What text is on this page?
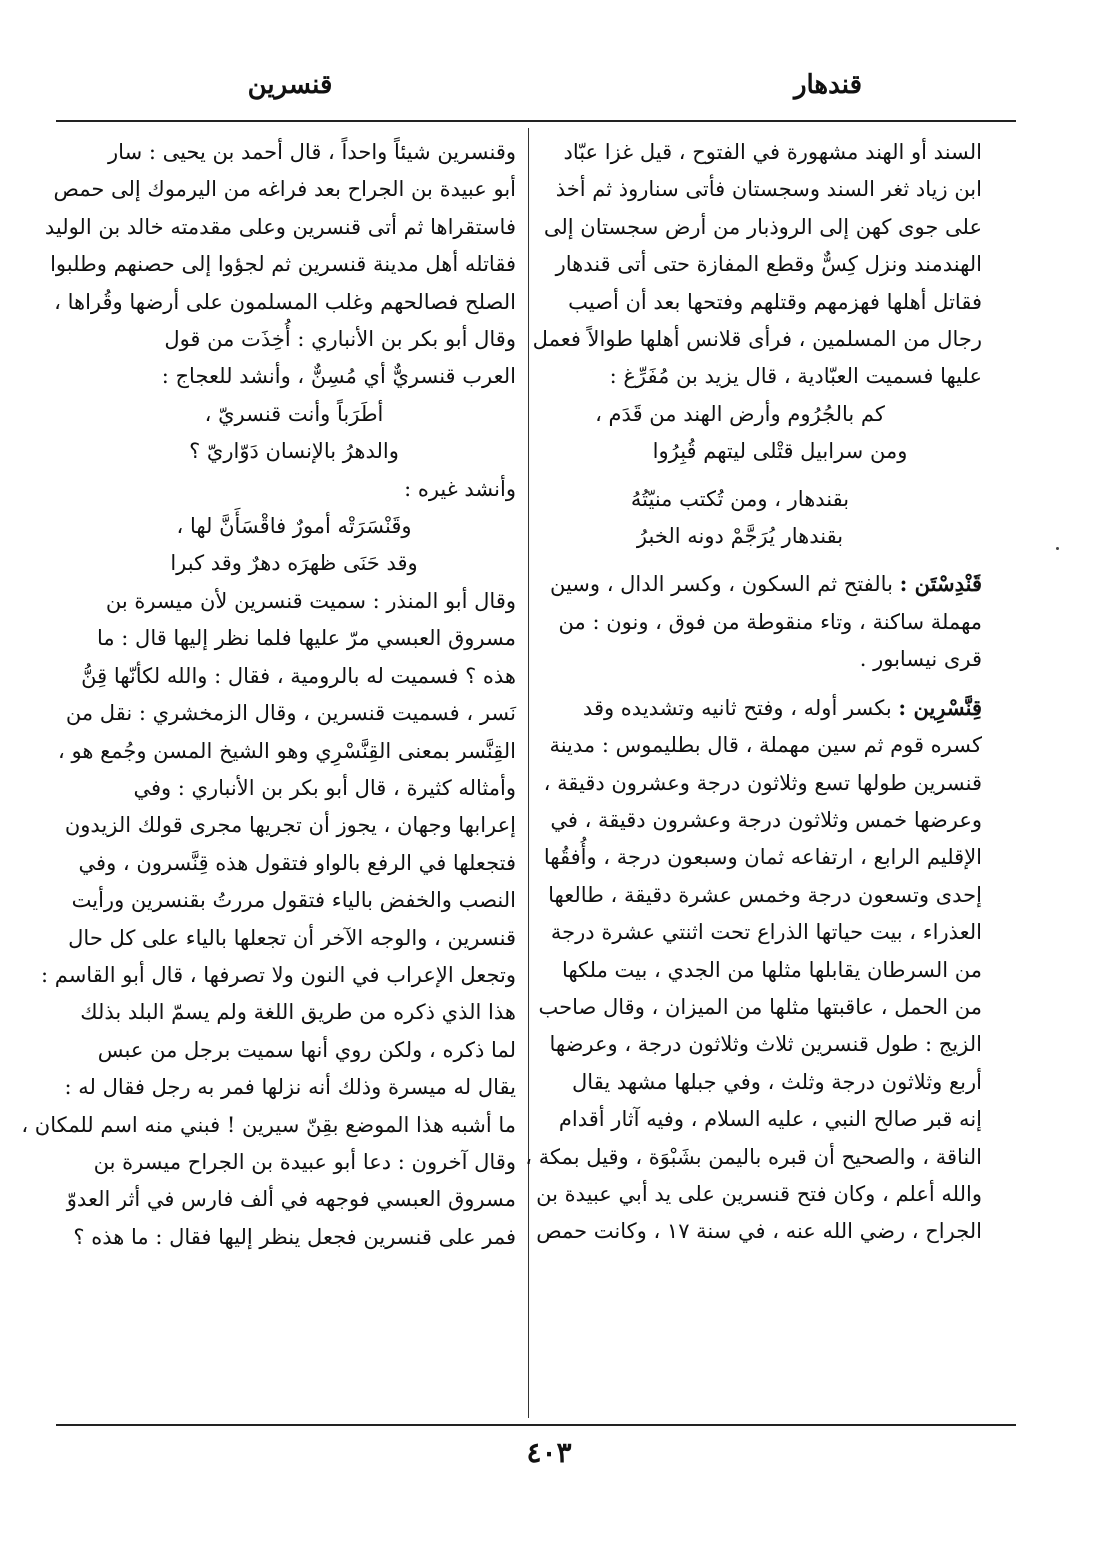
قندهار
قنسرين
السند أو الهند مشهورة في الفتوح ، قيل غزا عبّاد
ابن زياد ثغر السند وسجستان فأتى سناروذ ثم أخذ
على جوى كهن إلى الروذبار من أرض سجستان إلى
الهندمند ونزل كِسٌّ وقطع المفازة حتى أتى قندهار
فقاتل أهلها فهزمهم وقتلهم وفتحها بعد أن أصيب
رجال من المسلمين ، فرأى قلانس أهلها طوالاً فعمل
عليها فسميت العبّادية ، قال يزيد بن مُفَرِّغ :
كم بالجُرُوم وأرض الهند من قَدَم ،
ومن سرابيل قتْلى ليتهم قُبِرُوا
بقندهار ، ومن تُكتب منيّتُهُ
بقندهار يُرَجَّمْ دونه الخبرُ
قَنْدِسْتَن : بالفتح ثم السكون ، وكسر الدال ، وسين
مهملة ساكنة ، وتاء منقوطة من فوق ، ونون : من
قرى نيسابور .
قِنَّسْرِين : بكسر أوله ، وفتح ثانيه وتشديده وقد
كسره قوم ثم سين مهملة ، قال بطليموس : مدينة
قنسرين طولها تسع وثلاثون درجة وعشرون دقيقة ،
وعرضها خمس وثلاثون درجة وعشرون دقيقة ، في
الإقليم الرابع ، ارتفاعه ثمان وسبعون درجة ، وأُفقُها
إحدى وتسعون درجة وخمس عشرة دقيقة ، طالعها
العذراء ، بيت حياتها الذراع تحت اثنتي عشرة درجة
من السرطان يقابلها مثلها من الجدي ، بيت ملكها
من الحمل ، عاقبتها مثلها من الميزان ، وقال صاحب
الزيج : طول قنسرين ثلاث وثلاثون درجة ، وعرضها
أربع وثلاثون درجة وثلث ، وفي جبلها مشهد يقال
إنه قبر صالح النبي ، عليه السلام ، وفيه آثار أقدام
الناقة ، والصحيح أن قبره باليمن بشَبْوَة ، وقيل بمكة ،
والله أعلم ، وكان فتح قنسرين على يد أبي عبيدة بن
الجراح ، رضي الله عنه ، في سنة ١٧ ، وكانت حمص
وقنسرين شيئاً واحداً ، قال أحمد بن يحيى : سار
أبو عبيدة بن الجراح بعد فراغه من اليرموك إلى حمص
فاستقراها ثم أتى قنسرين وعلى مقدمته خالد بن الوليد
فقاتله أهل مدينة قنسرين ثم لجؤوا إلى حصنهم وطلبوا
الصلح فصالحهم وغلب المسلمون على أرضها وقُراها ،
وقال أبو بكر بن الأنباري : أُخِذَت من قول
العرب قنسريٌّ أي مُسِنٌّ ، وأنشد للعجاج :
أطَرَباً وأنت قنسريّ ،
والدهرُ بالإنسان دَوّاريّ ؟
وأنشد غيره :
وقَنْسَرَتْه أمورٌ فاقْسَأَنَّ لها ،
وقد حَنَى ظهرَه دهرٌ وقد كبرا
وقال أبو المنذر : سميت قنسرين لأن ميسرة بن
مسروق العبسي مرّ عليها فلما نظر إليها قال : ما
هذه ؟ فسميت له بالرومية ، فقال : والله لكأنّها قِنُّ
نَسر ، فسميت قنسرين ، وقال الزمخشري : نقل من
القِنَّسر بمعنى القِنَّسْرِي وهو الشيخ المسن وجُمع هو ،
وأمثاله كثيرة ، قال أبو بكر بن الأنباري : وفي
إعرابها وجهان ، يجوز أن تجريها مجرى قولك الزيدون
فتجعلها في الرفع بالواو فتقول هذه قِنَّسرون ، وفي
النصب والخفض بالياء فتقول مررتُ بقنسرين ورأيت
قنسرين ، والوجه الآخر أن تجعلها بالياء على كل حال
وتجعل الإعراب في النون ولا تصرفها ، قال أبو القاسم :
هذا الذي ذكره من طريق اللغة ولم يسمّ البلد بذلك
لما ذكره ، ولكن روي أنها سميت برجل من عبس
يقال له ميسرة وذلك أنه نزلها فمر به رجل فقال له :
ما أشبه هذا الموضع بقِنّ سيرين ! فبني منه اسم للمكان ،
وقال آخرون : دعا أبو عبيدة بن الجراح ميسرة بن
مسروق العبسي فوجهه في ألف فارس في أثر العدوّ
فمر على قنسرين فجعل ينظر إليها فقال : ما هذه ؟
٤٠٣
